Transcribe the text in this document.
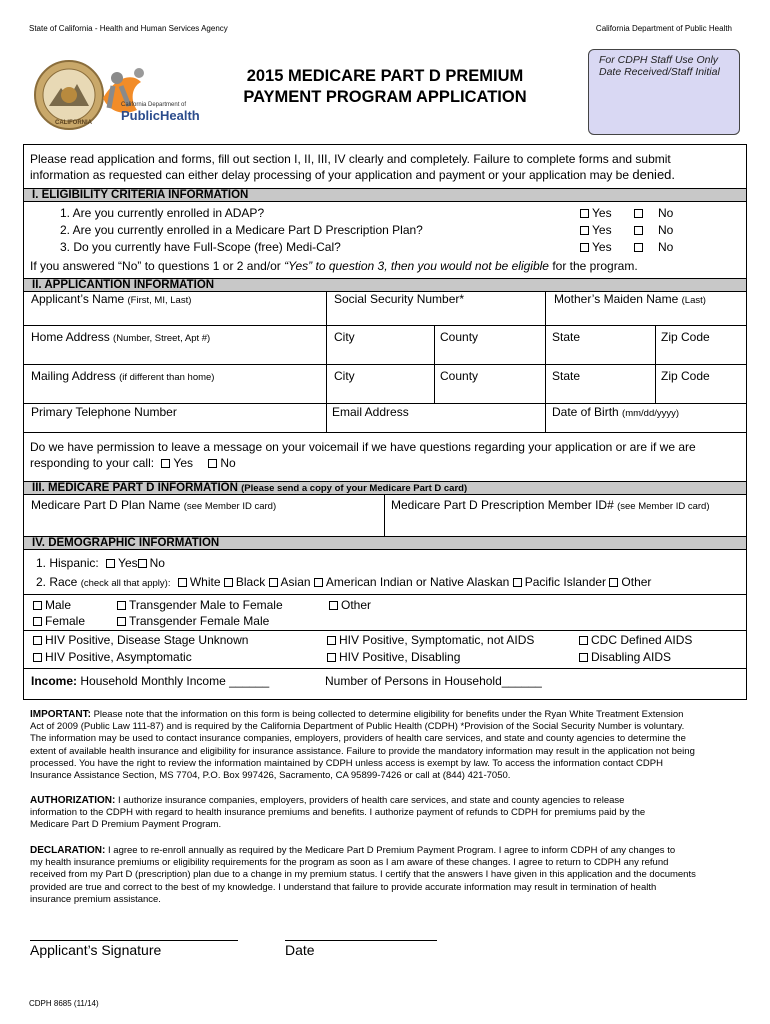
State of California - Health and Human Services Agency	California Department of Public Health
California Department of
PublicHealth
CALIFORNIA
2015 MEDICARE PART D PREMIUM
PAYMENT PROGRAM APPLICATION
For CDPH Staff Use Only
Date Received/Staff Initial
Please read application and forms, fill out section I, II, III, IV clearly and completely. Failure to complete forms and submit
information as requested can either delay processing of your application and payment or your application may be denied.
I. ELIGIBILITY CRITERIA INFORMATION
1. Are you currently enrolled in ADAP?
2. Are you currently enrolled in a Medicare Part D Prescription Plan?
3. Do you currently have Full-Scope (free) Medi-Cal?
Yes	No
Yes	No
Yes	No
If you answered “No” to questions 1 or 2 and/or “Yes” to question 3, then you would not be eligible for the program.
II. APPLICANTION INFORMATION
Applicant’s Name (First, MI, Last)	Social Security Number*	Mother’s Maiden Name (Last)
Home Address (Number, Street, Apt #)	City	County	State	Zip Code
Mailing Address (if different than home)	City	County	State	Zip Code
Primary Telephone Number	Email Address	Date of Birth (mm/dd/yyyy)
Do we have permission to leave a message on your voicemail if we have questions regarding your application or are if we are
responding to your call: Yes No
III. MEDICARE PART D INFORMATION (Please send a copy of your Medicare Part D card)
Medicare Part D Plan Name (see Member ID card)	Medicare Part D Prescription Member ID# (see Member ID card)
IV. DEMOGRAPHIC INFORMATION
1. Hispanic: Yes No
2. Race (check all that apply): White Black Asian American Indian or Native Alaskan Pacific Islander Other
Male	Transgender Male to Female	Other
Female	Transgender Female Male
HIV Positive, Disease Stage Unknown	HIV Positive, Symptomatic, not AIDS	CDC Defined AIDS
HIV Positive, Asymptomatic	HIV Positive, Disabling	Disabling AIDS
Income: Household Monthly Income ______	Number of Persons in Household______
IMPORTANT: Please note that the information on this form is being collected to determine eligibility for benefits under the Ryan White Treatment Extension
Act of 2009 (Public Law 111-87) and is required by the California Department of Public Health (CDPH) *Provision of the Social Security Number is voluntary.
The information may be used to contact insurance companies, employers, providers of health care services, and state and county agencies to determine the
extent of available health insurance and eligibility for insurance assistance. Failure to provide the mandatory information may result in the application not being
processed. You have the right to review the information maintained by CDPH unless access is exempt by law. To access the information contact CDPH
Insurance Assistance Section, MS 7704, P.O. Box 997426, Sacramento, CA 95899-7426 or call at (844) 421-7050.
AUTHORIZATION: I authorize insurance companies, employers, providers of health care services, and state and county agencies to release
information to the CDPH with regard to health insurance premiums and benefits. I authorize payment of refunds to CDPH for premiums paid by the
Medicare Part D Premium Payment Program.
DECLARATION: I agree to re-enroll annually as required by the Medicare Part D Premium Payment Program. I agree to inform CDPH of any changes to
my health insurance premiums or eligibility requirements for the program as soon as I am aware of these changes. I agree to return to CDPH any refund
received from my Part D (prescription) plan due to a change in my premium status. I certify that the answers I have given in this application and the documents
provided are true and correct to the best of my knowledge. I understand that failure to provide accurate information may result in termination of health
insurance premium assistance.
Applicant’s Signature	Date
CDPH 8685 (11/14)
